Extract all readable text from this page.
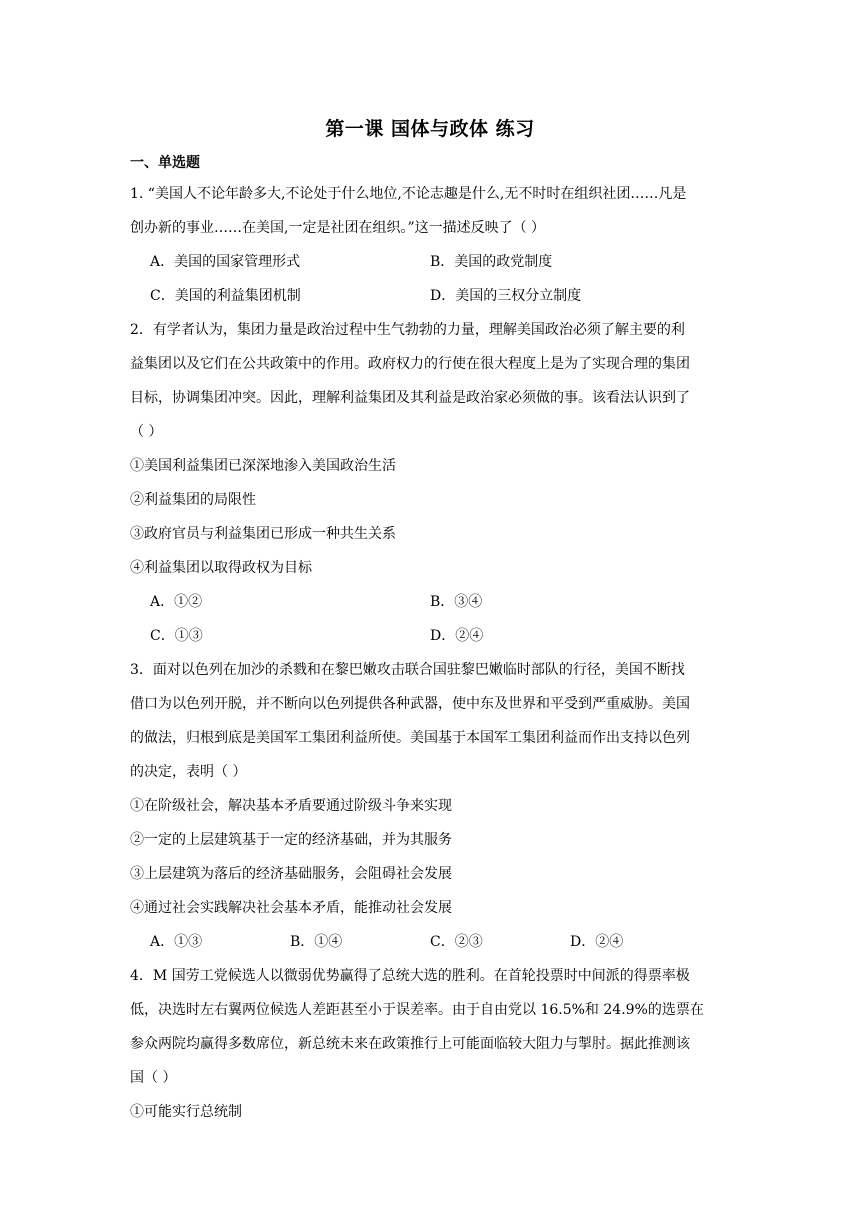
第一课 国体与政体 练习
一、单选题
1. “美国人不论年龄多大,不论处于什么地位,不论志趣是什么,无不时时在组织社团……凡是
创办新的事业……在美国,一定是社团在组织。”这一描述反映了（ ）
A．美国的国家管理形式	B．美国的政党制度
C．美国的利益集团机制	D．美国的三权分立制度
2．有学者认为，集团力量是政治过程中生气勃勃的力量，理解美国政治必须了解主要的利
益集团以及它们在公共政策中的作用。政府权力的行使在很大程度上是为了实现合理的集团
目标，协调集团冲突。因此，理解利益集团及其利益是政治家必须做的事。该看法认识到了
（ ）
①美国利益集团已深深地渗入美国政治生活
②利益集团的局限性
③政府官员与利益集团已形成一种共生关系
④利益集团以取得政权为目标
A．①②	B．③④
C．①③	D．②④
3．面对以色列在加沙的杀戮和在黎巴嫩攻击联合国驻黎巴嫩临时部队的行径，美国不断找
借口为以色列开脱，并不断向以色列提供各种武器，使中东及世界和平受到严重威胁。美国
的做法，归根到底是美国军工集团利益所使。美国基于本国军工集团利益而作出支持以色列
的决定，表明（ ）
①在阶级社会，解决基本矛盾要通过阶级斗争来实现
②一定的上层建筑基于一定的经济基础，并为其服务
③上层建筑为落后的经济基础服务，会阻碍社会发展
④通过社会实践解决社会基本矛盾，能推动社会发展
A．①③	B．①④	C．②③	D．②④
4．M 国劳工党候选人以微弱优势赢得了总统大选的胜利。在首轮投票时中间派的得票率极
低，决选时左右翼两位候选人差距甚至小于误差率。由于自由党以 16.5%和 24.9%的选票在
参众两院均赢得多数席位，新总统未来在政策推行上可能面临较大阻力与掣肘。据此推测该
国（ ）
①可能实行总统制
